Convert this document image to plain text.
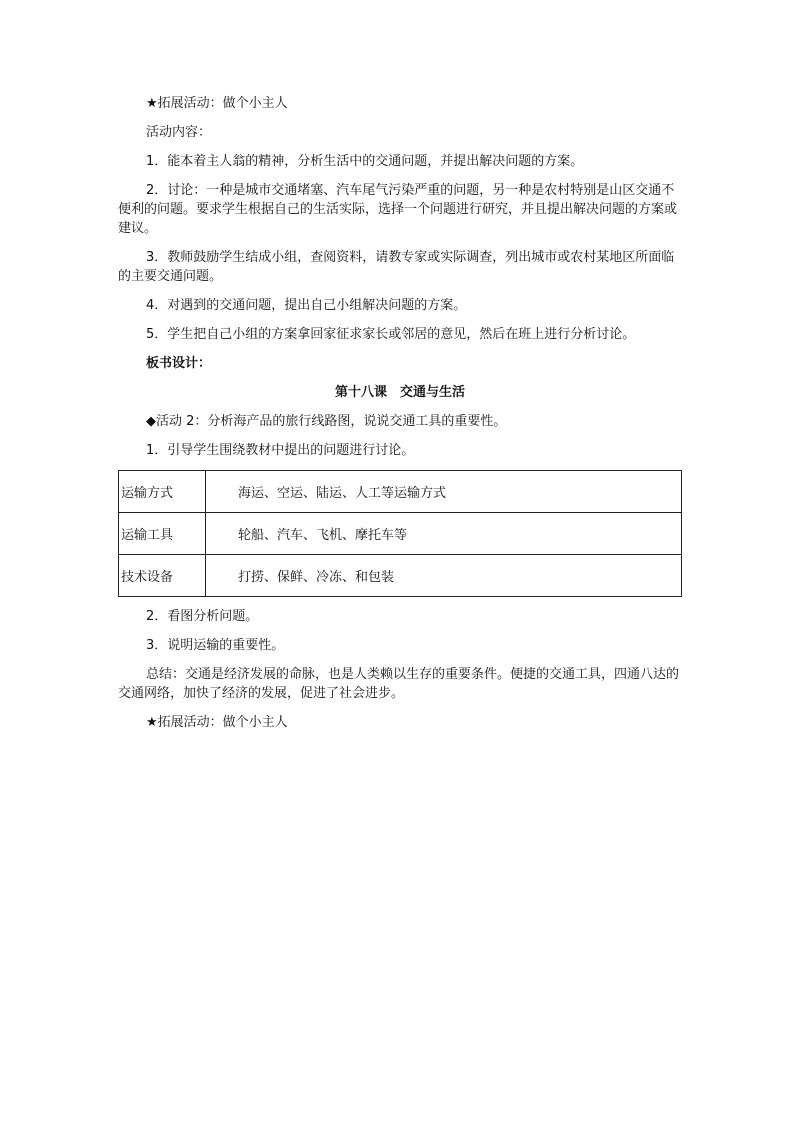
★拓展活动：做个小主人

活动内容：

1．能本着主人翁的精神，分析生活中的交通问题，并提出解决问题的方案。

2．讨论：一种是城市交通堵塞、汽车尾气污染严重的问题，另一种是农村特别是山区交通不便利的问题。要求学生根据自己的生活实际，选择一个问题进行研究，并且提出解决问题的方案或建议。

3．教师鼓励学生结成小组，查阅资料，请教专家或实际调查，列出城市或农村某地区所面临的主要交通问题。

4．对遇到的交通问题，提出自己小组解决问题的方案。

5．学生把自己小组的方案拿回家征求家长或邻居的意见，然后在班上进行分析讨论。

板书设计：

第十八课　交通与生活

◆活动 2：分析海产品的旅行线路图，说说交通工具的重要性。

1．引导学生围绕教材中提出的问题进行讨论。

运输方式	海运、空运、陆运、人工等运输方式
运输工具	轮船、汽车、飞机、摩托车等
技术设备	打捞、保鲜、冷冻、和包装

2．看图分析问题。

3．说明运输的重要性。

总结：交通是经济发展的命脉，也是人类赖以生存的重要条件。便捷的交通工具，四通八达的交通网络，加快了经济的发展，促进了社会进步。

★拓展活动：做个小主人
